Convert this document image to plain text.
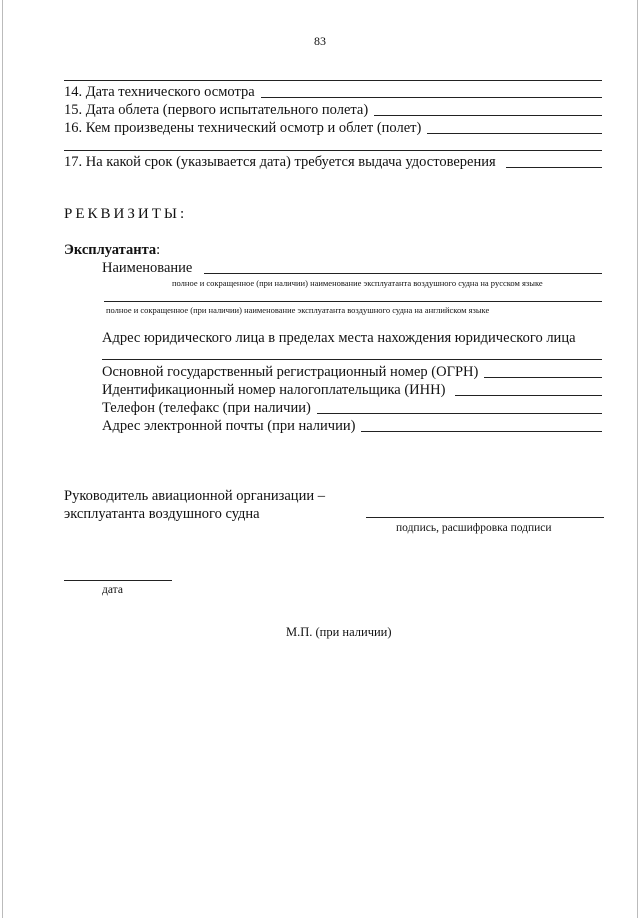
83
14. Дата технического осмотра
15. Дата облета (первого испытательного полета)
16. Кем произведены технический осмотр и облет (полет)
17. На какой срок (указывается дата) требуется выдача удостоверения
РЕКВИЗИТЫ:
Эксплуатанта:
Наименование
полное и сокращенное (при наличии) наименование эксплуатанта воздушного судна на русском языке
полное и сокращенное (при наличии) наименование эксплуатанта воздушного судна на английском языке
Адрес юридического лица в пределах места нахождения юридического лица
Основной государственный регистрационный номер (ОГРН)
Идентификационный номер налогоплательщика (ИНН)
Телефон (телефакс (при наличии)
Адрес электронной почты (при наличии)
Руководитель авиационной организации –
эксплуатанта воздушного судна
подпись, расшифровка подписи
дата
М.П. (при наличии)
